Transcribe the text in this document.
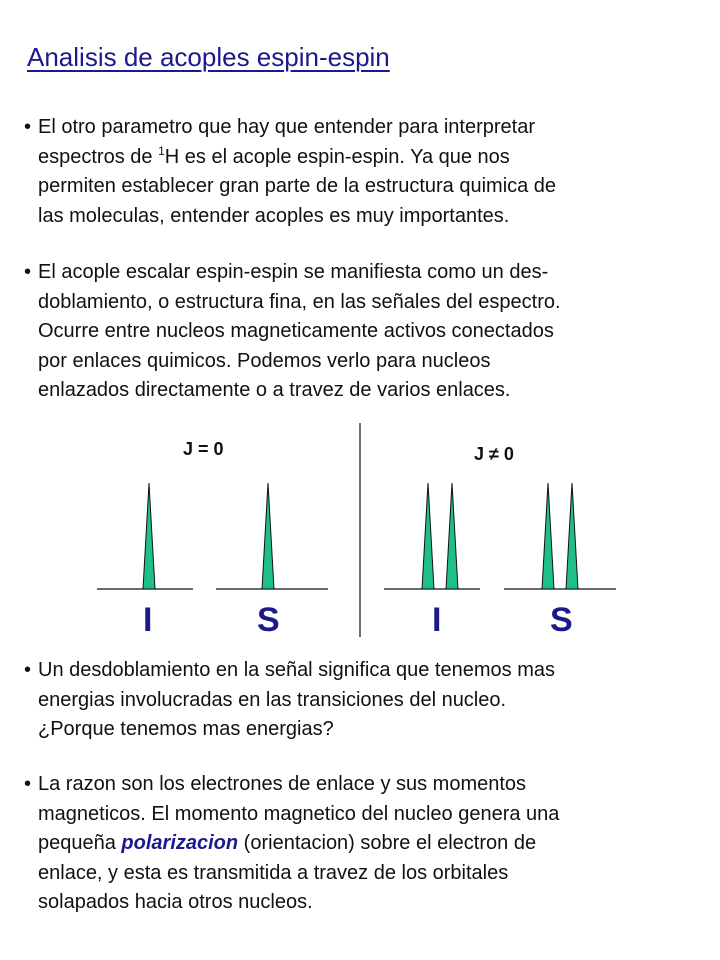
Analisis de acoples espin-espin
• El otro parametro que hay que entender para interpretar
espectros de $^1$H es el acople espin-espin. Ya que nos
permiten establecer gran parte de la estructura quimica de
las moleculas, entender acoples es muy importantes.
• El acople escalar espin-espin se manifiesta como un des-
doblamiento, o estructura fina, en las señales del espectro.
Ocurre entre nucleos magneticamente activos conectados
por enlaces quimicos. Podemos verlo para nucleos
enlazados directamente o a travez de varios enlaces.
J = 0	J ≠ 0
I	S	I	S
• Un desdoblamiento en la señal significa que tenemos mas
energias involucradas en las transiciones del nucleo.
¿Porque tenemos mas energias?
• La razon son los electrones de enlace y sus momentos
magneticos. El momento magnetico del nucleo genera una
pequeña polarizacion (orientacion) sobre el electron de
enlace, y esta es transmitida a travez de los orbitales
solapados hacia otros nucleos.
